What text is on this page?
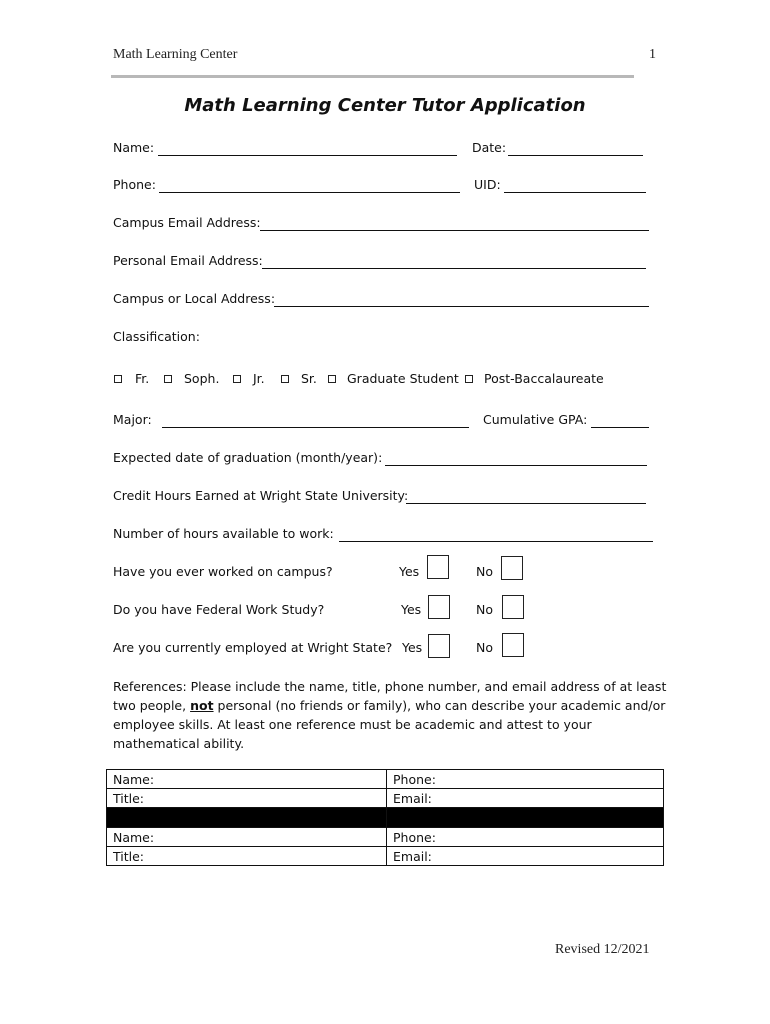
Math Learning Center	1
Math Learning Center Tutor Application
Name:	Date:
Phone:	UID:
Campus Email Address:
Personal Email Address:
Campus or Local Address:
Classification:
Fr.	Soph.	Jr.	Sr. Graduate Student Post-Baccalaureate
Major:	Cumulative GPA:
Expected date of graduation (month/year):
Credit Hours Earned at Wright State University:
Number of hours available to work:
Have you ever worked on campus?	Yes	No
Do you have Federal Work Study?	Yes	No
Are you currently employed at Wright State? Yes	No
References: Please include the name, title, phone number, and email address of at least two people, not personal (no friends or family), who can describe your academic and/or employee skills. At least one reference must be academic and attest to your mathematical ability.
Name:	Phone:
Title:	Email:

Name:	Phone:
Title:	Email:
Revised 12/2021
